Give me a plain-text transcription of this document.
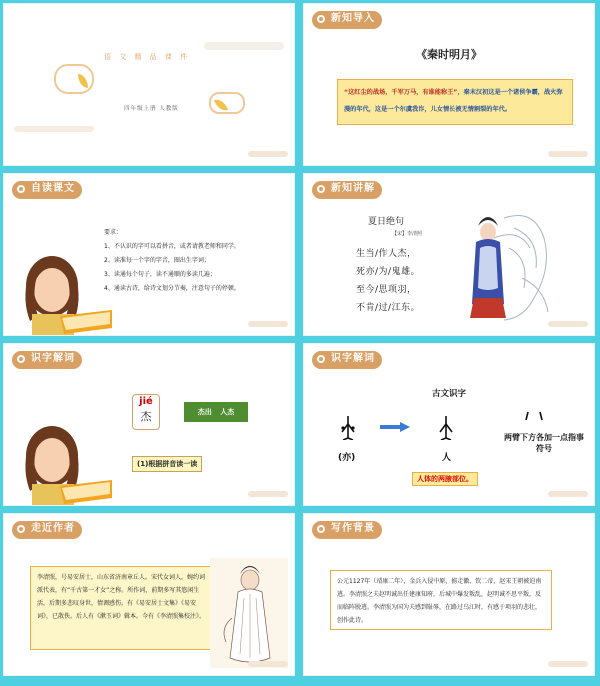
语 文 精 品 课 件
四年级上册 人教版
新知导入
《秦时明月》
“这红尘的战场，千军万马，有谁能称王”，秦末汉初这是一个诸侯争霸，战火弥漫的年代，这是一个尔虞我诈，儿女情长被无情割裂的年代。
自读课文
要求：
1、不认识的字可以看拼音，或者请教老师和同学。
2、读准每一个字的字音，圈出生字词；
3、读通每个句子，读不通顺的多读几遍；
4、通读古诗，给诗文划分节奏，注意句子的停顿。
新知讲解
夏日绝句
【宋】李清照
生当/作人杰，
死亦/为/鬼雄。
至今/思项羽，
不肯/过/江东。
识字解词
jié
杰	杰出 人杰
(1)根据拼音读一读
识字解词
古文识字
(亦)	人
两臂下方各加一点指事符号
人体的两腋部位。
走近作者
李清照，号易安居士，山东省济南章丘人。宋代女词人，婉约词派代表，有“千古第一才女”之称。所作词，前期多写其悠闲生活，后期多悲叹身世，情调感伤。有《易安居士文集》《易安词》，已散佚。后人有《漱玉词》辑本。今有《李清照集校注》。
写作背景
公元1127年（靖康二年），金兵入侵中原，掳走徽、钦二帝，赵宋王朝被迫南逃。李清照之夫赵明诚出任建康知府，后城中爆发叛乱，赵明诚不思平叛，反而临阵脱逃。李清照为国为夫感到耻辱，在路过乌江时，有感于项羽的悲壮，创作此诗。
